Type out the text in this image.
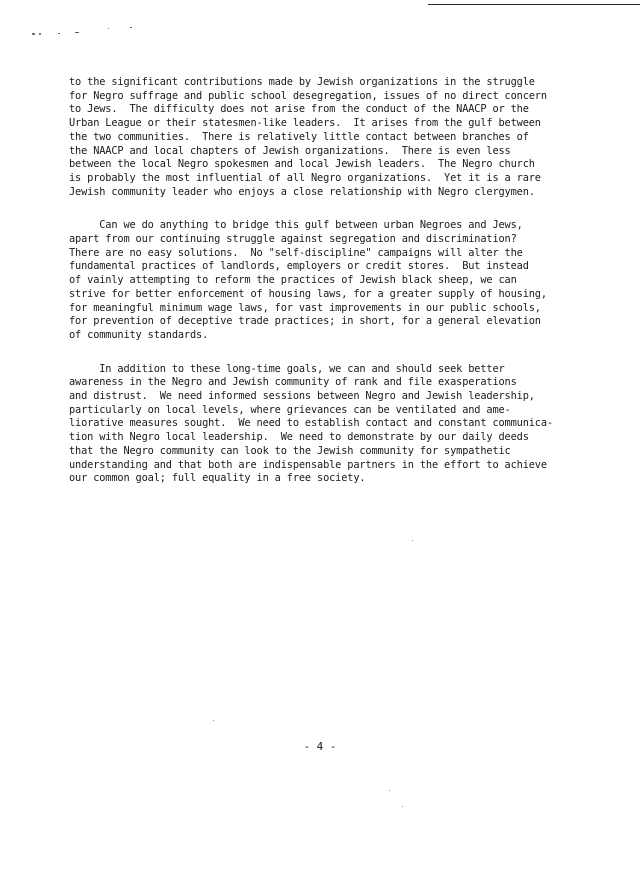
to the significant contributions made by Jewish organizations in the struggle
for Negro suffrage and public school desegregation, issues of no direct concern
to Jews.  The difficulty does not arise from the conduct of the NAACP or the
Urban League or their statesmen-like leaders.  It arises from the gulf between
the two communities.  There is relatively little contact between branches of
the NAACP and local chapters of Jewish organizations.  There is even less
between the local Negro spokesmen and local Jewish leaders.  The Negro church
is probably the most influential of all Negro organizations.  Yet it is a rare
Jewish community leader who enjoys a close relationship with Negro clergymen.
Can we do anything to bridge this gulf between urban Negroes and Jews,
apart from our continuing struggle against segregation and discrimination?
There are no easy solutions.  No "self-discipline" campaigns will alter the
fundamental practices of landlords, employers or credit stores.  But instead
of vainly attempting to reform the practices of Jewish black sheep, we can
strive for better enforcement of housing laws, for a greater supply of housing,
for meaningful minimum wage laws, for vast improvements in our public schools,
for prevention of deceptive trade practices; in short, for a general elevation
of community standards.
In addition to these long-time goals, we can and should seek better
awareness in the Negro and Jewish community of rank and file exasperations
and distrust.  We need informed sessions between Negro and Jewish leadership,
particularly on local levels, where grievances can be ventilated and ame-
liorative measures sought.  We need to establish contact and constant communica-
tion with Negro local leadership.  We need to demonstrate by our daily deeds
that the Negro community can look to the Jewish community for sympathetic
understanding and that both are indispensable partners in the effort to achieve
our common goal; full equality in a free society.
- 4 -
